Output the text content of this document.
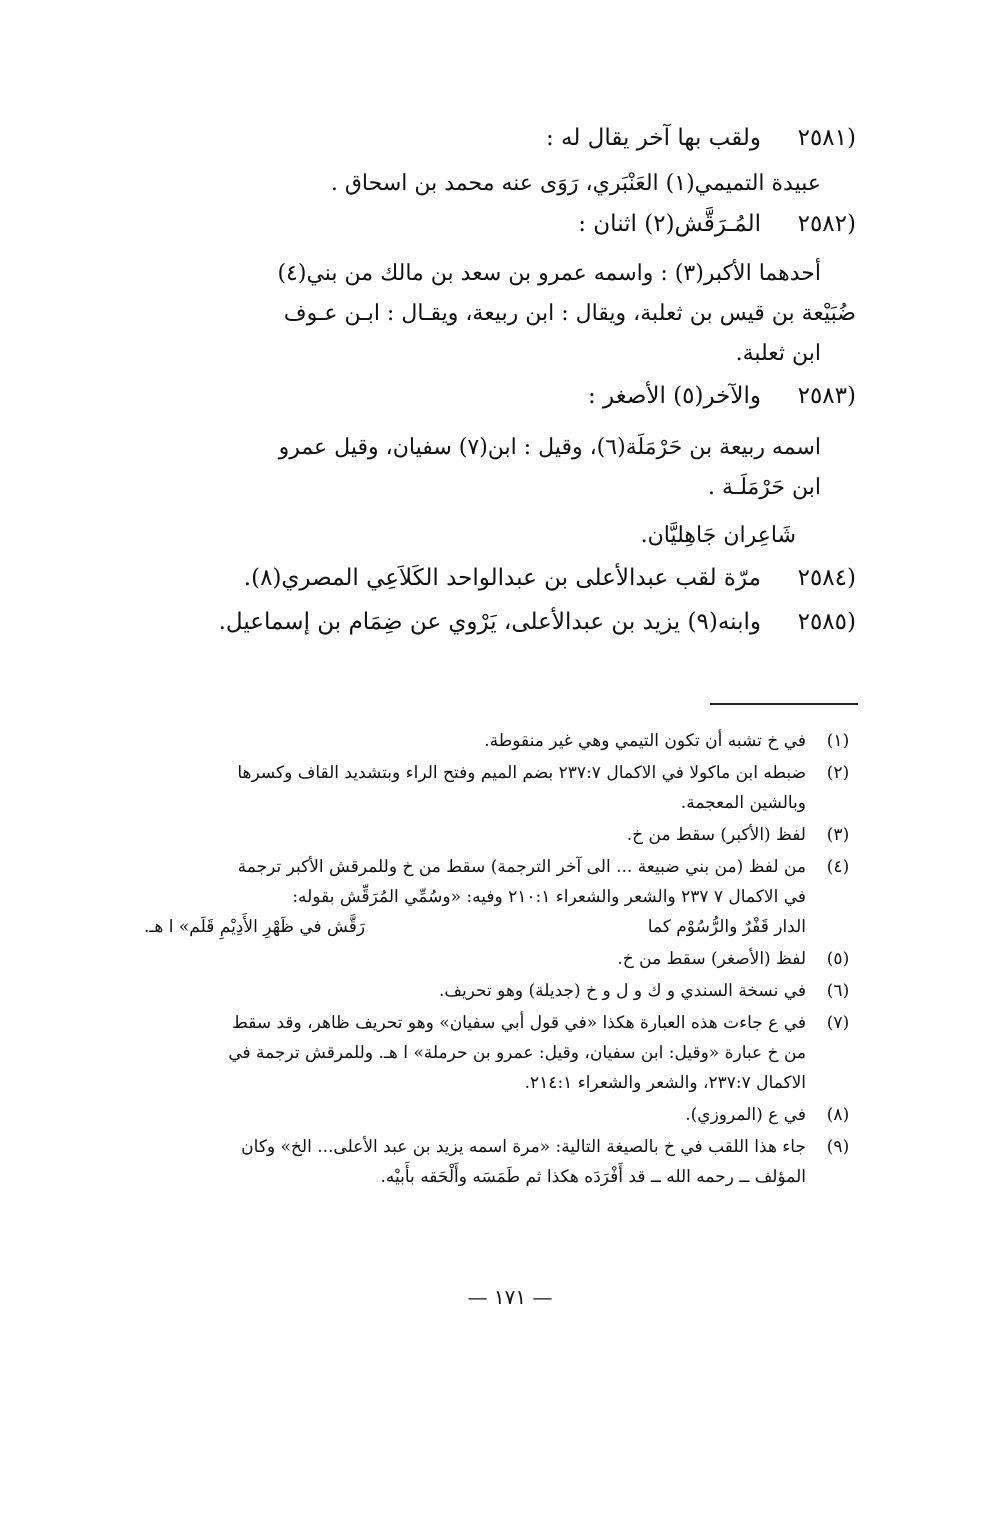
(٢٥٨١
ولقب بها آخر يقال له :
عبيدة التميمي(١) العَنْبَري، رَوَى عنه محمد بن اسحاق .
(٢٥٨٢
المُـرَقَّش(٢) اثنان :
أحدهما الأكبر(٣) : واسمه عمرو بن سعد بن مالك من بني(٤)
ضُبَيْعة بن قيس بن ثعلبة، ويقال : ابن ربيعة، ويقـال : ابـن عـوف
ابن ثعلبة.
(٢٥٨٣
والآخر(٥) الأصغر :
اسمه ربيعة بن حَرْمَلَة(٦)، وقيل : ابن(٧) سفيان، وقيل عمرو
ابن حَرْمَلَـة .
شَاعِران جَاهِليَّان.
(٢٥٨٤
مرّة لقب عبدالأعلى بن عبدالواحد الكَلاَعِي المصري(٨).
(٢٥٨٥
وابنه(٩) يزيد بن عبدالأعلى، يَرْوي عن ضِمَام بن إسماعيل.
(١)
في خ تشبه أن تكون التيمي وهي غير منقوطة.
(٢)
ضبطه ابن ماكولا في الاكمال ٢٣٧:٧ بضم الميم وفتح الراء وبتشديد القاف وكسرها
وبالشين المعجمة.
(٣)
لفظ (الأكبر) سقط من خ.
(٤)
من لفظ (من بني ضبيعة ... الى آخر الترجمة) سقط من خ وللمرقش الأكبر ترجمة
في الاكمال ٧ ٢٣٧ والشعر والشعراء ٢١٠:١ وفيه: «وسُمِّي المُرَقِّش بقوله:
الدار قَفْرٌ والرُّسُوْم كما
رَقَّش في ظَهْرِ الأَدِيْمِ قَلَم» ا هـ.
(٥)
لفظ (الأصغر) سقط من خ.
(٦)
في نسخة السندي و ك و ل و خ (جديلة) وهو تحريف.
(٧)
في ع جاءت هذه العبارة هكذا «في قول أبي سفيان» وهو تحريف ظاهر، وقد سقط
من خ عبارة «وقيل: ابن سفيان، وقيل: عمرو بن حرملة» ا هـ. وللمرقش ترجمة في
الاكمال ٢٣٧:٧، والشعر والشعراء ٢١٤:١.
(٨)
في ع (المروزي).
(٩)
جاء هذا اللقب في خ بالصيغة التالية: «مرة اسمه يزيد بن عبد الأعلى... الخ» وكان
المؤلف ــ رحمه الله ــ قد أَفْرَدَه هكذا ثم طَمَسَه وأَلْحَقه بأَبيْه.
— ١٧١ —
